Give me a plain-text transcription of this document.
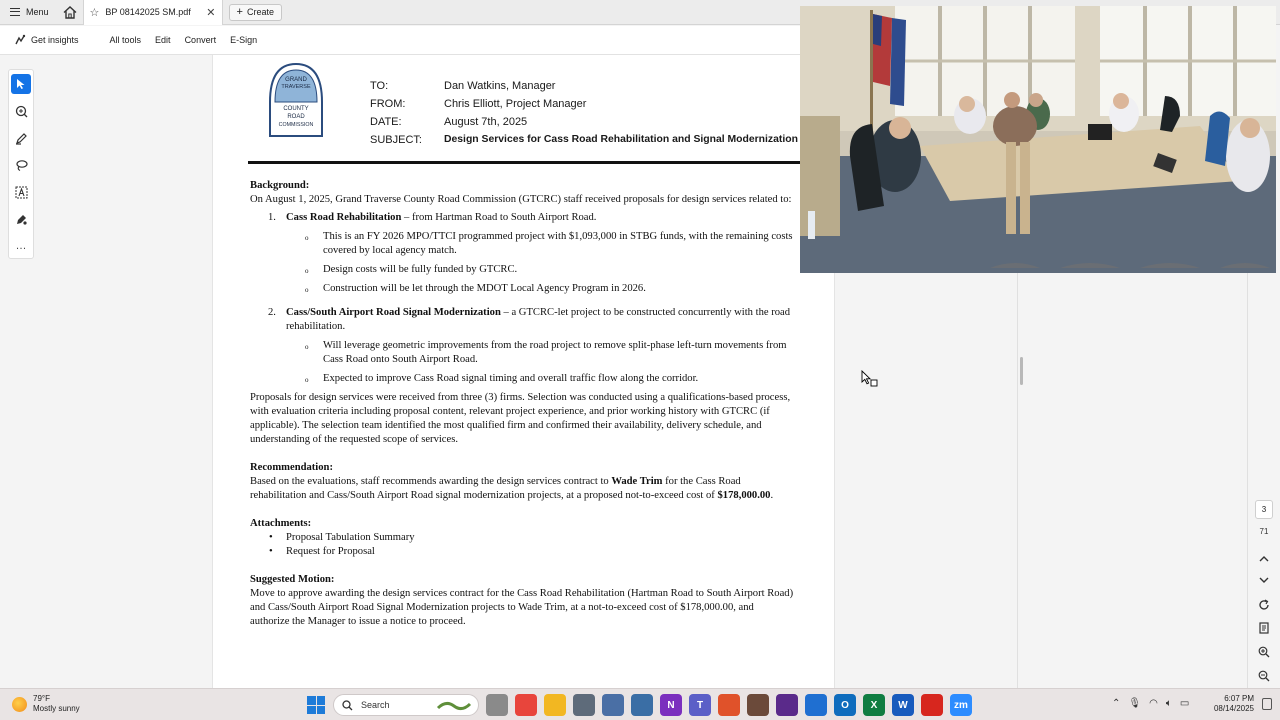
Menu	☆ BP 08142025 SM.pdf ✕ + Create
Get insights	All tools Edit Convert E-Sign
…
GRAND
TRAVERSE
COUNTY
ROAD
COMMISSION
TO:	Dan Watkins, Manager
FROM:	Chris Elliott, Project Manager
DATE:	August 7th, 2025
SUBJECT:	Design Services for Cass Road Rehabilitation and Signal Modernization
Background:
On August 1, 2025, Grand Traverse County Road Commission (GTCRC) staff received proposals for design services related to:
1. Cass Road Rehabilitation – from Hartman Road to South Airport Road.
o This is an FY 2026 MPO/TTCI programmed project with $1,093,000 in STBG funds, with the remaining costs covered by local agency match.
o Design costs will be fully funded by GTCRC.
o Construction will be let through the MDOT Local Agency Program in 2026.
2. Cass/South Airport Road Signal Modernization – a GTCRC-let project to be constructed concurrently with the road rehabilitation.
o Will leverage geometric improvements from the road project to remove split-phase left-turn movements from Cass Road onto South Airport Road.
o Expected to improve Cass Road signal timing and overall traffic flow along the corridor.
Proposals for design services were received from three (3) firms. Selection was conducted using a qualifications-based process, with evaluation criteria including proposal content, relevant project experience, and prior working history with GTCRC (if applicable). The selection team identified the most qualified firm and confirmed their availability, delivery schedule, and understanding of the requested scope of services.
Recommendation:
Based on the evaluations, staff recommends awarding the design services contract to Wade Trim for the Cass Road rehabilitation and Cass/South Airport Road signal modernization projects, at a proposed not-to-exceed cost of $178,000.00.
Attachments:
• Proposal Tabulation Summary
• Request for Proposal
Suggested Motion:
Move to approve awarding the design services contract for the Cass Road Rehabilitation (Hartman Road to South Airport Road) and Cass/South Airport Road Signal Modernization projects to Wade Trim, at a not-to-exceed cost of $178,000.00, and authorize the Manager to issue a notice to proceed.
3
71
79°F
Mostly sunny	Search	N	T	O	X	W	zm	⌃ 🎙︎ ◠ 🔈︎ ▭	6:07 PM
08/14/2025
